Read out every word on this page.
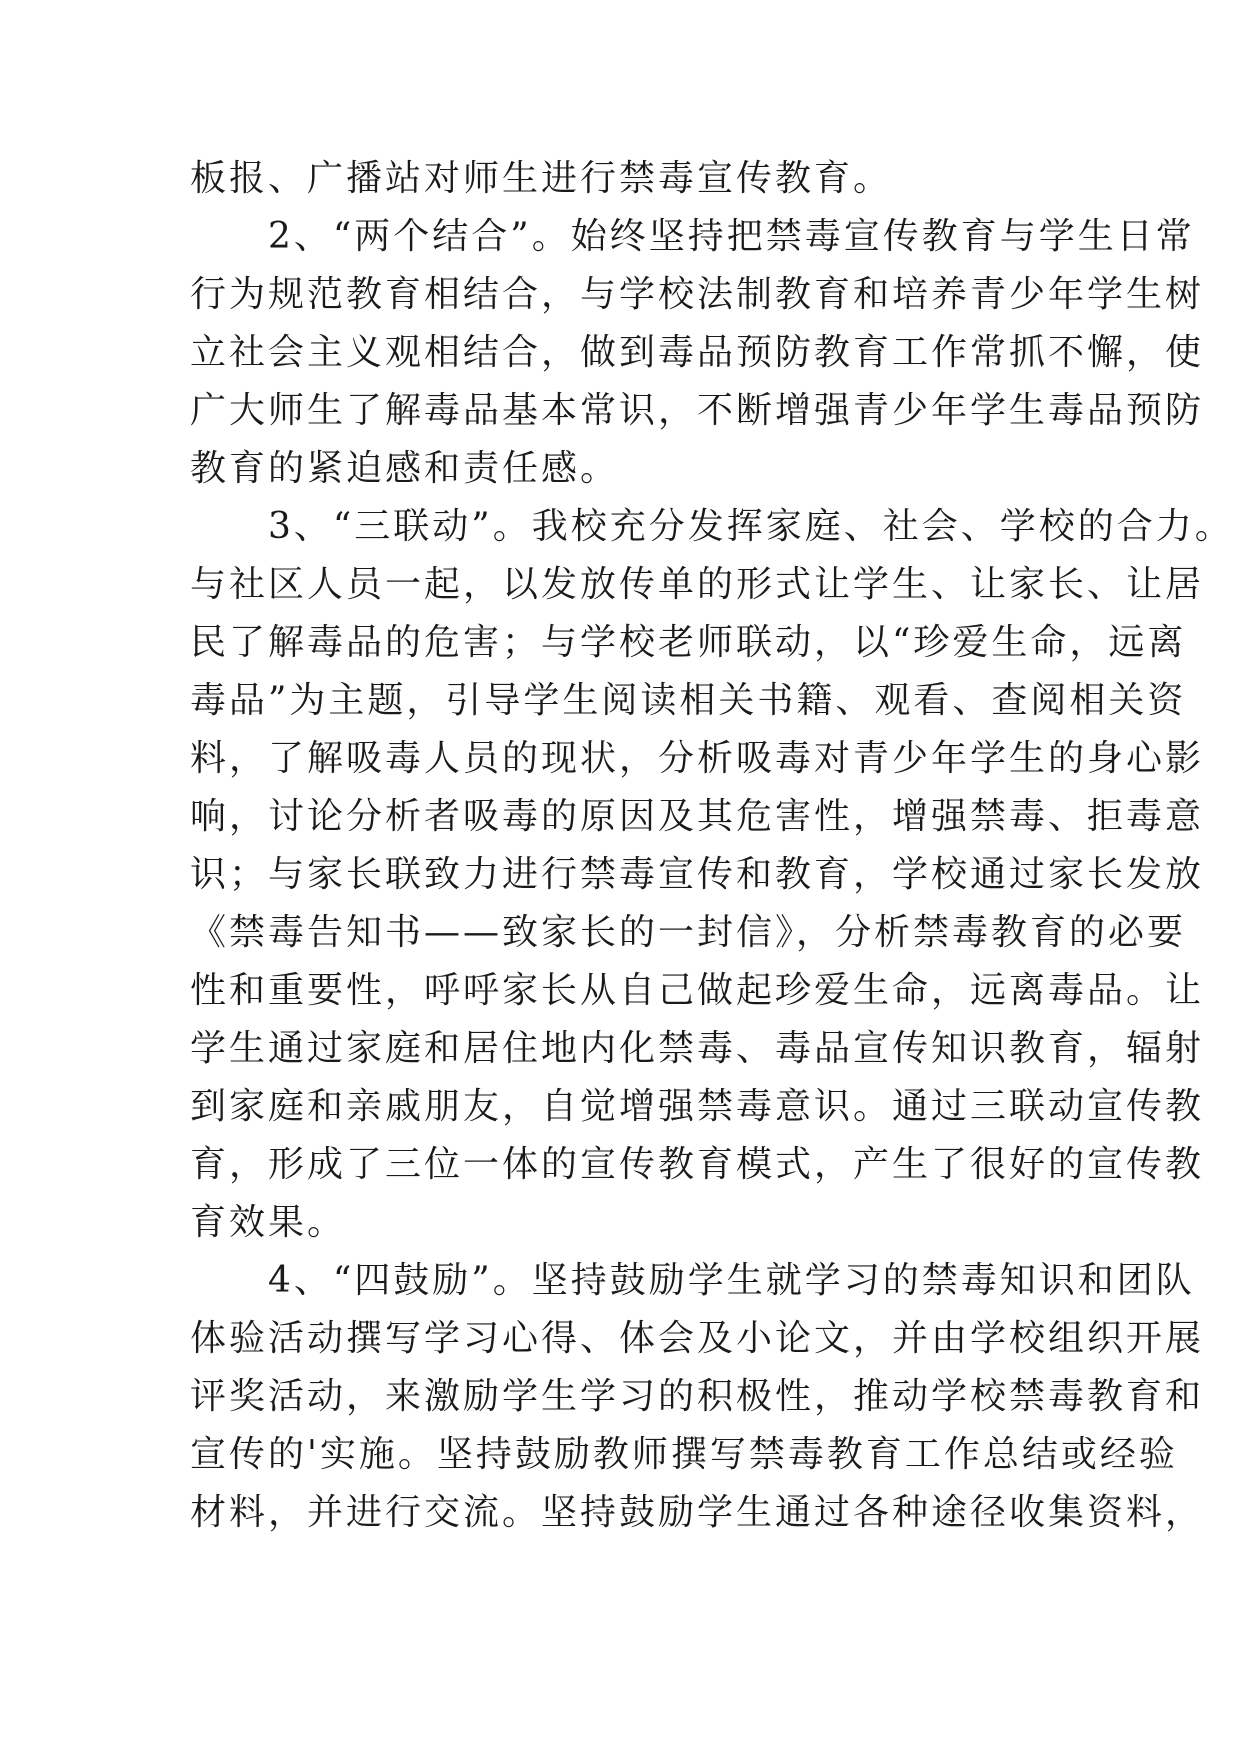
板报、广播站对师生进行禁毒宣传教育。
2、“两个结合”。始终坚持把禁毒宣传教育与学生日常
行为规范教育相结合，与学校法制教育和培养青少年学生树
立社会主义观相结合，做到毒品预防教育工作常抓不懈，使
广大师生了解毒品基本常识，不断增强青少年学生毒品预防
教育的紧迫感和责任感。
3、“三联动”。我校充分发挥家庭、社会、学校的合力。
与社区人员一起，以发放传单的形式让学生、让家长、让居
民了解毒品的危害；与学校老师联动，以“珍爱生命，远离
毒品”为主题，引导学生阅读相关书籍、观看、查阅相关资
料，了解吸毒人员的现状，分析吸毒对青少年学生的身心影
响，讨论分析者吸毒的原因及其危害性，增强禁毒、拒毒意
识；与家长联致力进行禁毒宣传和教育，学校通过家长发放
《禁毒告知书——致家长的一封信》，分析禁毒教育的必要
性和重要性，呼呼家长从自己做起珍爱生命，远离毒品。让
学生通过家庭和居住地内化禁毒、毒品宣传知识教育，辐射
到家庭和亲戚朋友，自觉增强禁毒意识。通过三联动宣传教
育，形成了三位一体的宣传教育模式，产生了很好的宣传教
育效果。
4、“四鼓励”。坚持鼓励学生就学习的禁毒知识和团队
体验活动撰写学习心得、体会及小论文，并由学校组织开展
评奖活动，来激励学生学习的积极性，推动学校禁毒教育和
宣传的'实施。坚持鼓励教师撰写禁毒教育工作总结或经验
材料，并进行交流。坚持鼓励学生通过各种途径收集资料，
